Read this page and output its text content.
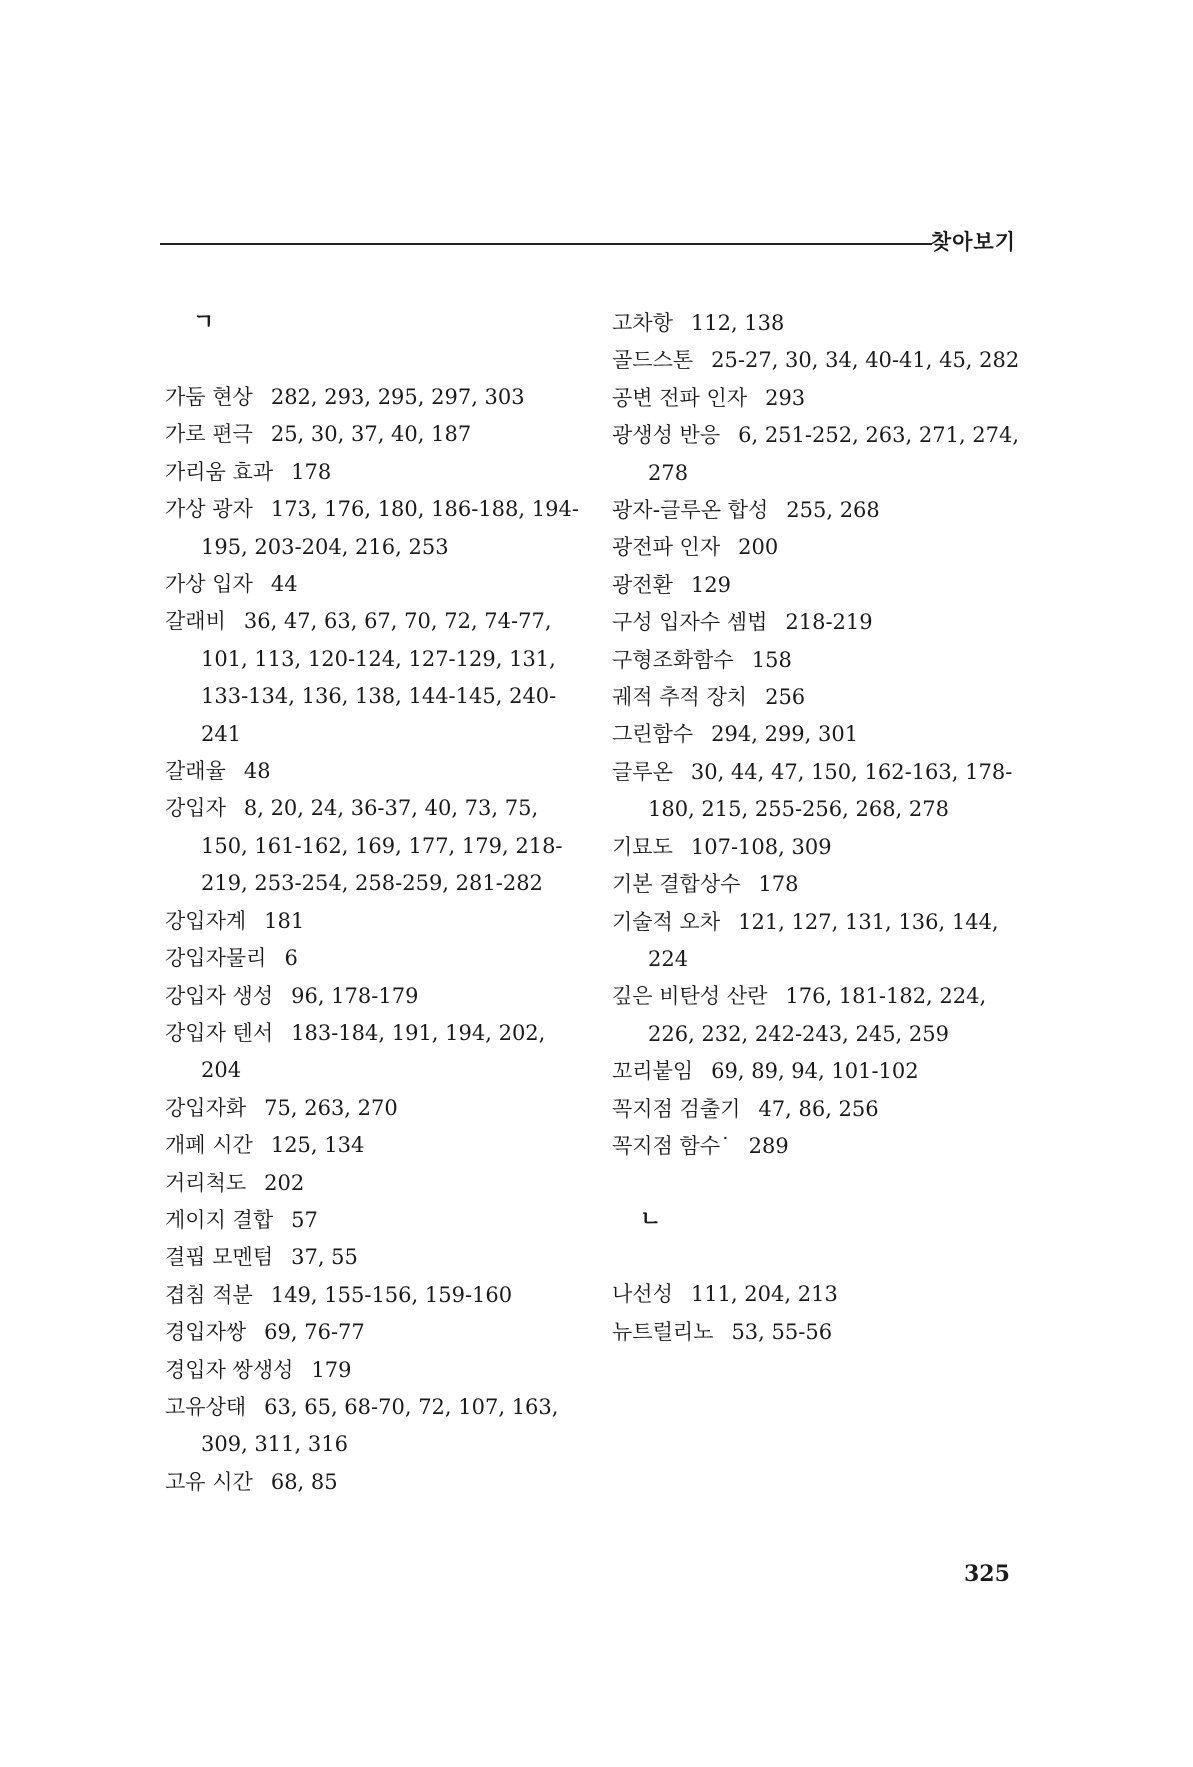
찾아보기
ㄱ
가둠 현상 282, 293, 295, 297, 303
가로 편극 25, 30, 37, 40, 187
가리움 효과 178
가상 광자 173, 176, 180, 186-188, 194-195, 203-204, 216, 253
가상 입자 44
갈래비 36, 47, 63, 67, 70, 72, 74-77, 101, 113, 120-124, 127-129, 131, 133-134, 136, 138, 144-145, 240-241
갈래율 48
강입자 8, 20, 24, 36-37, 40, 73, 75, 150, 161-162, 169, 177, 179, 218-219, 253-254, 258-259, 281-282
강입자계 181
강입자물리 6
강입자 생성 96, 178-179
강입자 텐서 183-184, 191, 194, 202, 204
강입자화 75, 263, 270
개폐 시간 125, 134
거리척도 202
게이지 결합 57
결핍 모멘텀 37, 55
겹침 적분 149, 155-156, 159-160
경입자쌍 69, 76-77
경입자 쌍생성 179
고유상태 63, 65, 68-70, 72, 107, 163, 309, 311, 316
고유 시간 68, 85
고차항 112, 138
골드스톤 25-27, 30, 34, 40-41, 45, 282
공변 전파 인자 293
광생성 반응 6, 251-252, 263, 271, 274, 278
광자-글루온 합성 255, 268
광전파 인자 200
광전환 129
구성 입자수 셈법 218-219
구형조화함수 158
궤적 추적 장치 256
그린함수 294, 299, 301
글루온 30, 44, 47, 150, 162-163, 178-180, 215, 255-256, 268, 278
기묘도 107-108, 309
기본 결합상수 178
기술적 오차 121, 127, 131, 136, 144, 224
깊은 비탄성 산란 176, 181-182, 224, 226, 232, 242-243, 245, 259
꼬리붙임 69, 89, 94, 101-102
꼭지점 검출기 47, 86, 256
꼭지점 함수˙ 289
ㄴ
나선성 111, 204, 213
뉴트럴리노 53, 55-56
325
